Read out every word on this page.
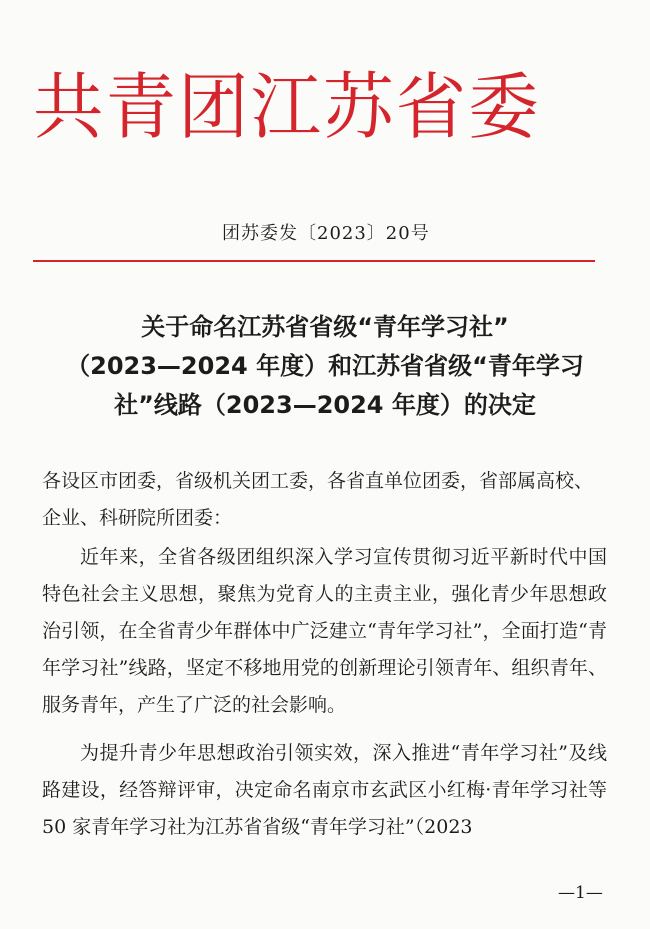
共青团江苏省委
团苏委发〔2023〕20号
关于命名江苏省省级“青年学习社”
（2023—2024 年度）和江苏省省级“青年学习
社”线路（2023—2024 年度）的决定

各设区市团委，省级机关团工委，各省直单位团委，省部属高校、企业、科研院所团委：

近年来，全省各级团组织深入学习宣传贯彻习近平新时代中国特色社会主义思想，聚焦为党育人的主责主业，强化青少年思想政治引领，在全省青少年群体中广泛建立“青年学习社”，全面打造“青年学习社”线路，坚定不移地用党的创新理论引领青年、组织青年、服务青年，产生了广泛的社会影响。

为提升青少年思想政治引领实效，深入推进“青年学习社”及线路建设，经答辩评审，决定命名南京市玄武区小红梅·青年学习社等 50 家青年学习社为江苏省省级“青年学习社”（2023

—1—
